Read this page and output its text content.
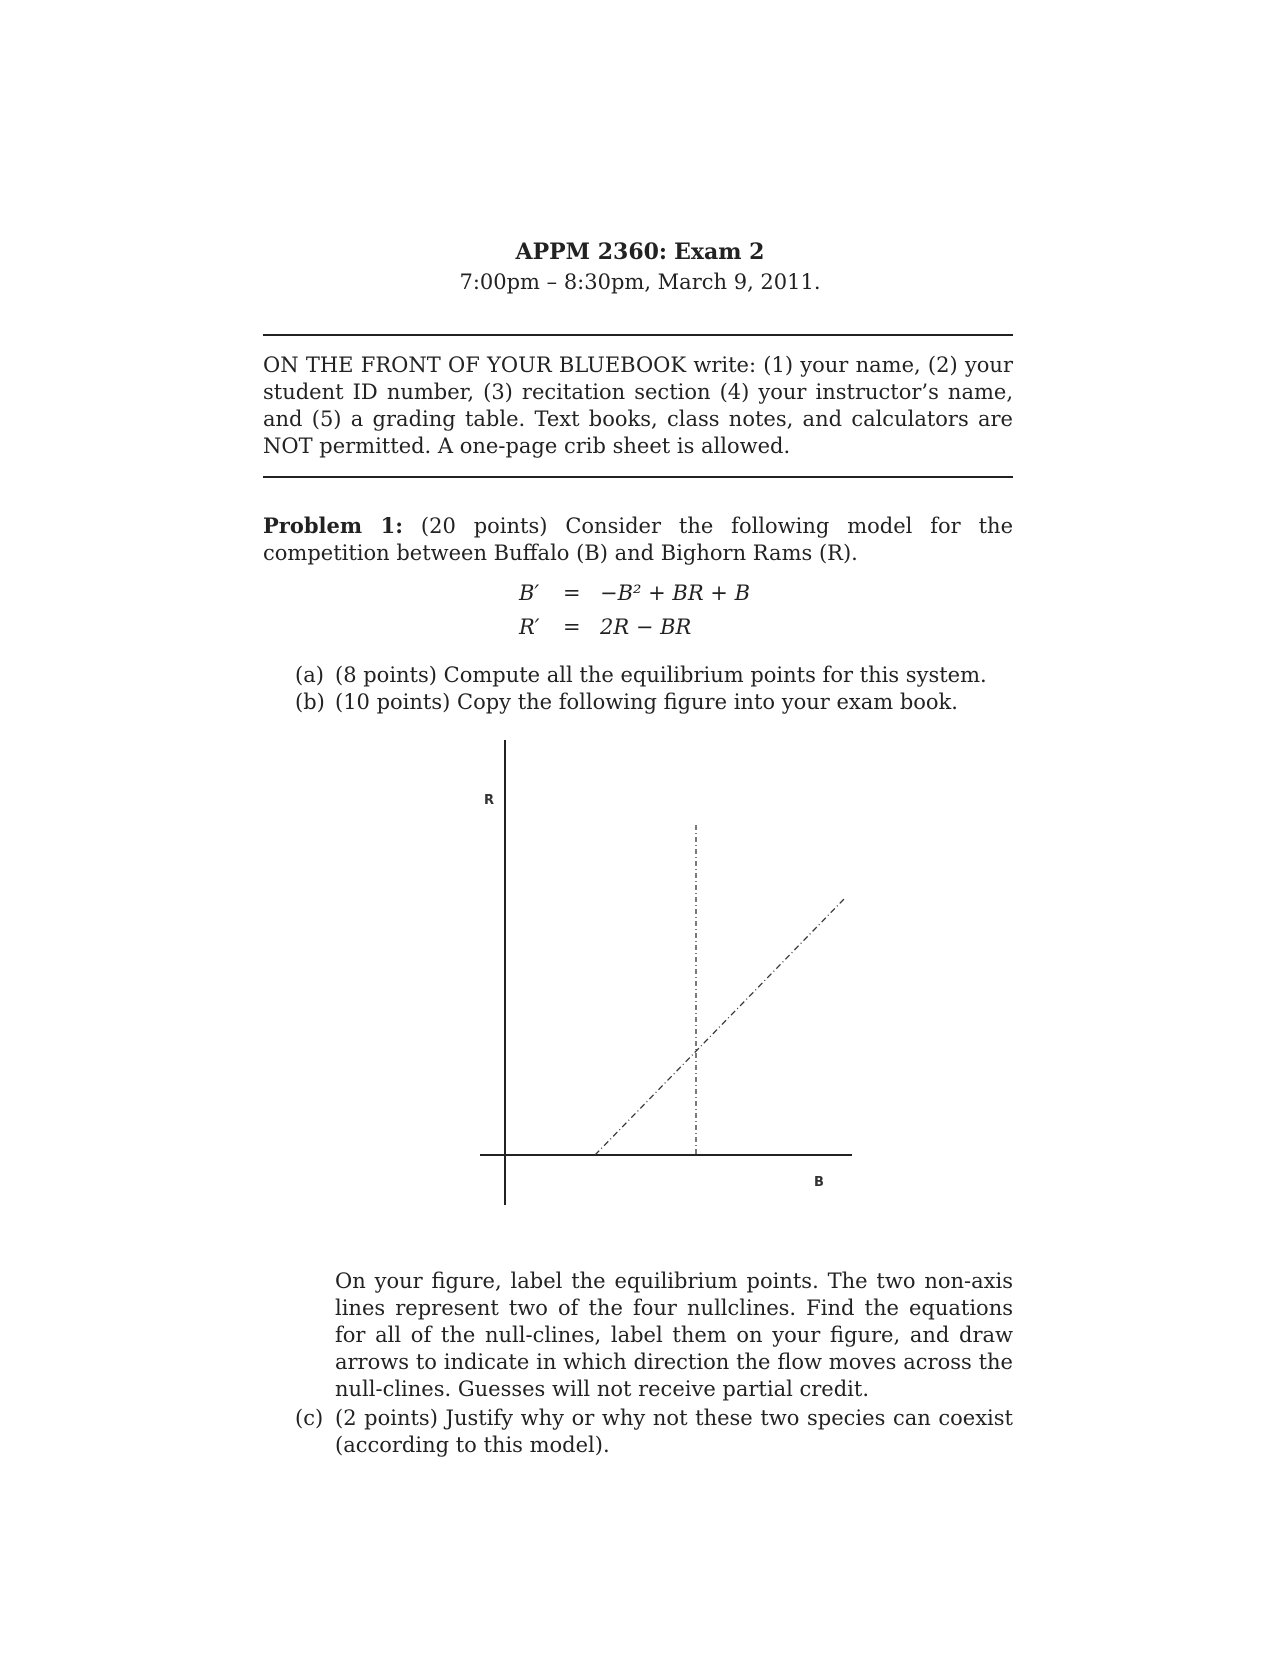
APPM 2360: Exam 2
7:00pm – 8:30pm, March 9, 2011.
ON THE FRONT OF YOUR BLUEBOOK write: (1) your name, (2) your student ID number, (3) recitation section (4) your instructor’s name, and (5) a grading table. Text books, class notes, and calculators are NOT permitted. A one-page crib sheet is allowed.
Problem 1: (20 points) Consider the following model for the competition between Buffalo (B) and Bighorn Rams (R).
B′	= −B² + BR + B
R′	= 2R − BR
(a) (8 points) Compute all the equilibrium points for this system.
(b) (10 points) Copy the following figure into your exam book.
R
B
On your figure, label the equilibrium points. The two non-axis lines represent two of the four nullclines. Find the equations for all of the null-clines, label them on your figure, and draw arrows to indicate in which direction the flow moves across the null-clines. Guesses will not receive partial credit.
(c) (2 points) Justify why or why not these two species can coexist (according to this model).
